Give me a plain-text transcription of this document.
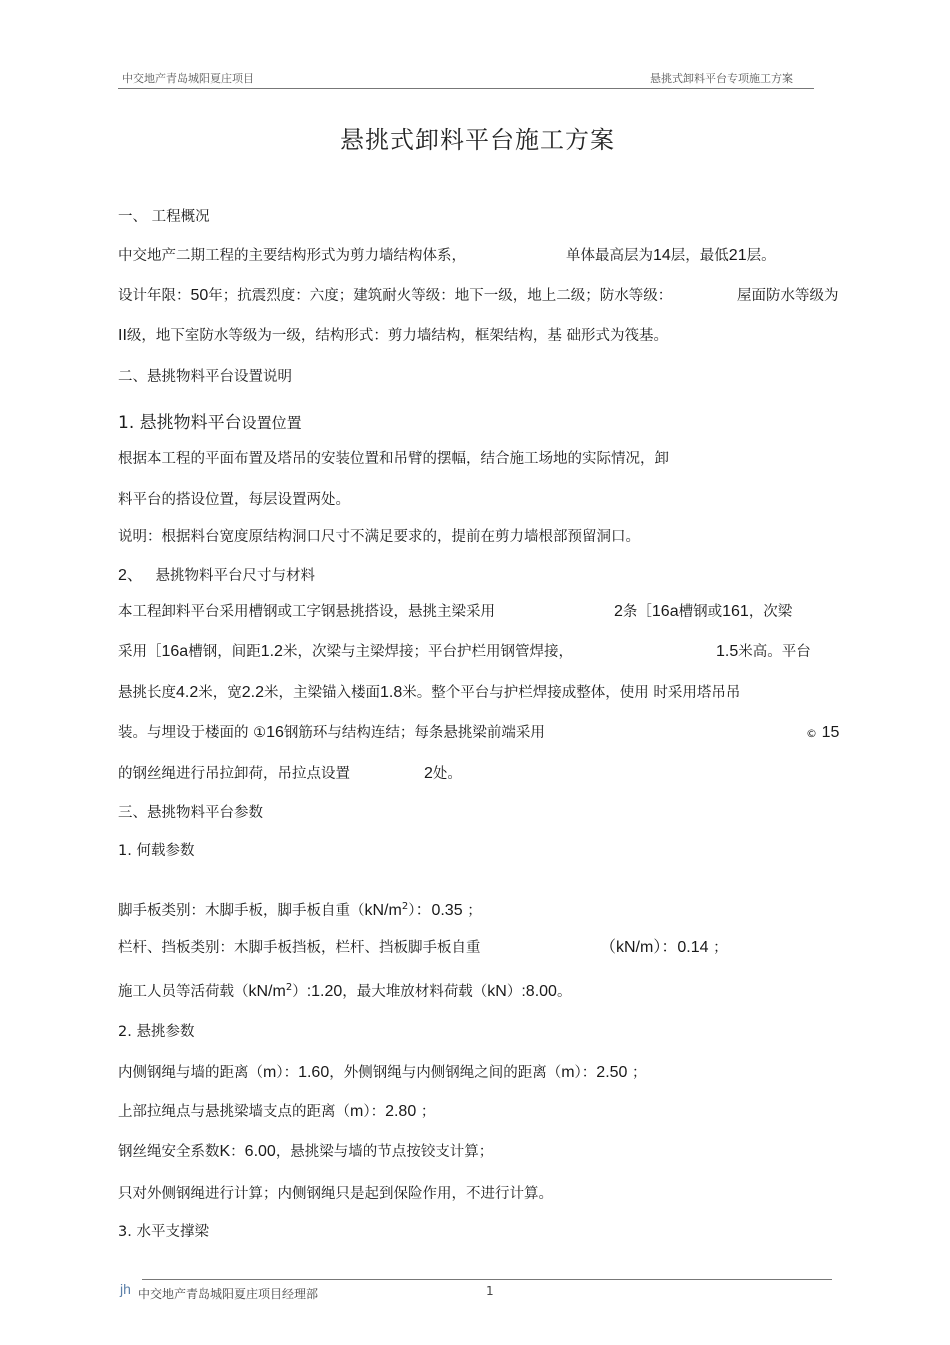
中交地产青岛城阳夏庄项目	悬挑式卸料平台专项施工方案
悬挑式卸料平台施工方案
一、 工程概况
中交地产二期工程的主要结构形式为剪力墙结构体系，	单体最高层为14层，最低21层。
设计年限：50年；抗震烈度：六度；建筑耐火等级：地下一级，地上二级；防水等级：	屋面防水等级为
II级，地下室防水等级为一级，结构形式：剪力墙结构，框架结构，基 础形式为筏基。
二、悬挑物料平台设置说明
1. 悬挑物料平台设置位置
根据本工程的平面布置及塔吊的安装位置和吊臂的摆幅，结合施工场地的实际情况，卸
料平台的搭设位置，每层设置两处。
说明：根据料台宽度原结构洞口尺寸不满足要求的，提前在剪力墙根部预留洞口。
2、 悬挑物料平台尺寸与材料
本工程卸料平台采用槽钢或工字钢悬挑搭设，悬挑主梁采用	2条［16a槽钢或161，次梁
采用［16a槽钢，间距1.2米，次梁与主梁焊接；平台护栏用钢管焊接，	1.5米高。平台
悬挑长度4.2米，宽2.2米，主梁锚入楼面1.8米。整个平台与护栏焊接成整体，使用 时采用塔吊吊
装。与埋设于楼面的 ①16钢筋环与结构连结；每条悬挑梁前端采用	© 15
的钢丝绳进行吊拉卸荷，吊拉点设置	2处。
三、悬挑物料平台参数
1. 何载参数
脚手板类别：木脚手板，脚手板自重$(kN/m^2)$：0.35 ；
栏杆、挡板类别：木脚手板挡板，栏杆、挡板脚手板自重	（kN/m）：0.14 ；
施工人员等活荷载$(kN/m^2):1.20$，最大堆放材料荷载（kN）:8.00。
2. 悬挑参数
内侧钢绳与墙的距离（m）：1.60，外侧钢绳与内侧钢绳之间的距离（m）：2.50 ；
上部拉绳点与悬挑梁墙支点的距离（m）：2.80 ；
钢丝绳安全系数K：6.00，悬挑梁与墙的节点按铰支计算；
只对外侧钢绳进行计算；内侧钢绳只是起到保险作用，不进行计算。
3. 水平支撑梁
jh 中交地产青岛城阳夏庄项目经理部	1
